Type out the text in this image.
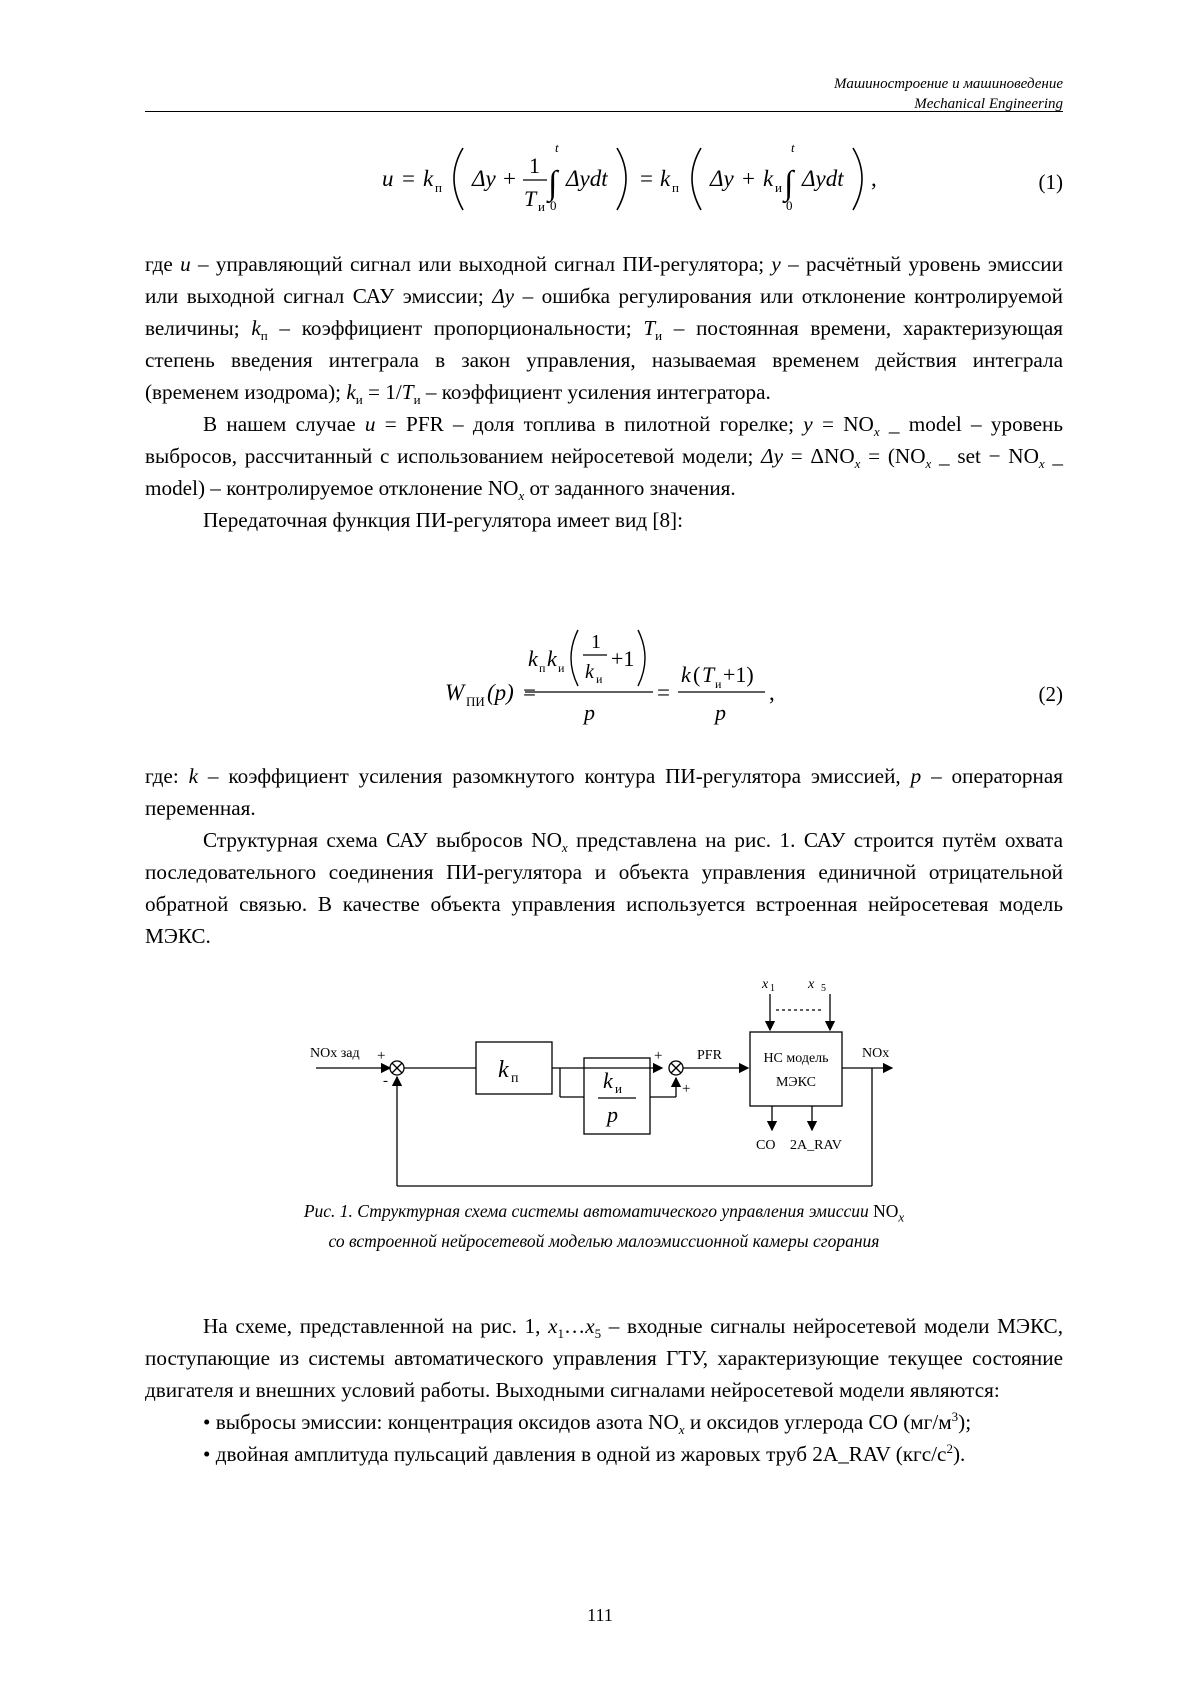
Машиностроение и машиноведение
Mechanical Engineering
u = k п Δy +
1
T и
t
∫
0
Δydt = k п Δy + k и
t
∫
0
Δydt ,	(1)

где u – управляющий сигнал или выходной сигнал ПИ-регулятора; y – расчётный уровень эмиссии или выходной сигнал САУ эмиссии; Δy – ошибка регулирования или отклонение контролируемой величины; $k_п$ – коэффициент пропорциональности; $T_и$ – постоянная времени, характеризующая степень введения интеграла в закон управления, называемая временем действия интеграла (временем изодрома); $k_и = 1/T_и$ – коэффициент усиления интегратора.

В нашем случае u = PFR – доля топлива в пилотной горелке; $y = NO_x$ _ model – уровень выбросов, рассчитанный с использованием нейросетевой модели; $\Delta y = \Delta NO_x = (NO_x$ _ set − $NO_x$ _ model) – контролируемое отклонение $NO_x$ от заданного значения.

Передаточная функция ПИ-регулятора имеет вид [8]:

W ПИ (p) =
k п k и
1
k и
+1
p
=
k ( T и +1)
p
,	(2)

где: k – коэффициент усиления разомкнутого контура ПИ-регулятора эмиссией, p – операторная переменная.

Структурная схема САУ выбросов $NO_x$ представлена на рис. 1. САУ строится путём охвата последовательного соединения ПИ-регулятора и объекта управления единичной отрицательной обратной связью. В качестве объекта управления используется встроенная нейросетевая модель МЭКС.

NOx зад +
-	k п	k и
p
+
+
PFR
x 1 x 5
НС модель
МЭКС
NOx
CO 2A_RAV
Рис. 1. Структурная схема системы автоматического управления эмиссии $NO_x$
со встроенной нейросетевой моделью малоэмиссионной камеры сгорания

На схеме, представленной на рис. 1, $x_1\dots x_5$ – входные сигналы нейросетевой модели МЭКС, поступающие из системы автоматического управления ГТУ, характеризующие текущее состояние двигателя и внешних условий работы. Выходными сигналами нейросетевой модели являются:

• выбросы эмиссии: концентрация оксидов азота $NO_x$ и оксидов углерода CO $(мг/м^3)$;
• двойная амплитуда пульсаций давления в одной из жаровых труб 2A_RAV $(кгс/с^2)$.
111
